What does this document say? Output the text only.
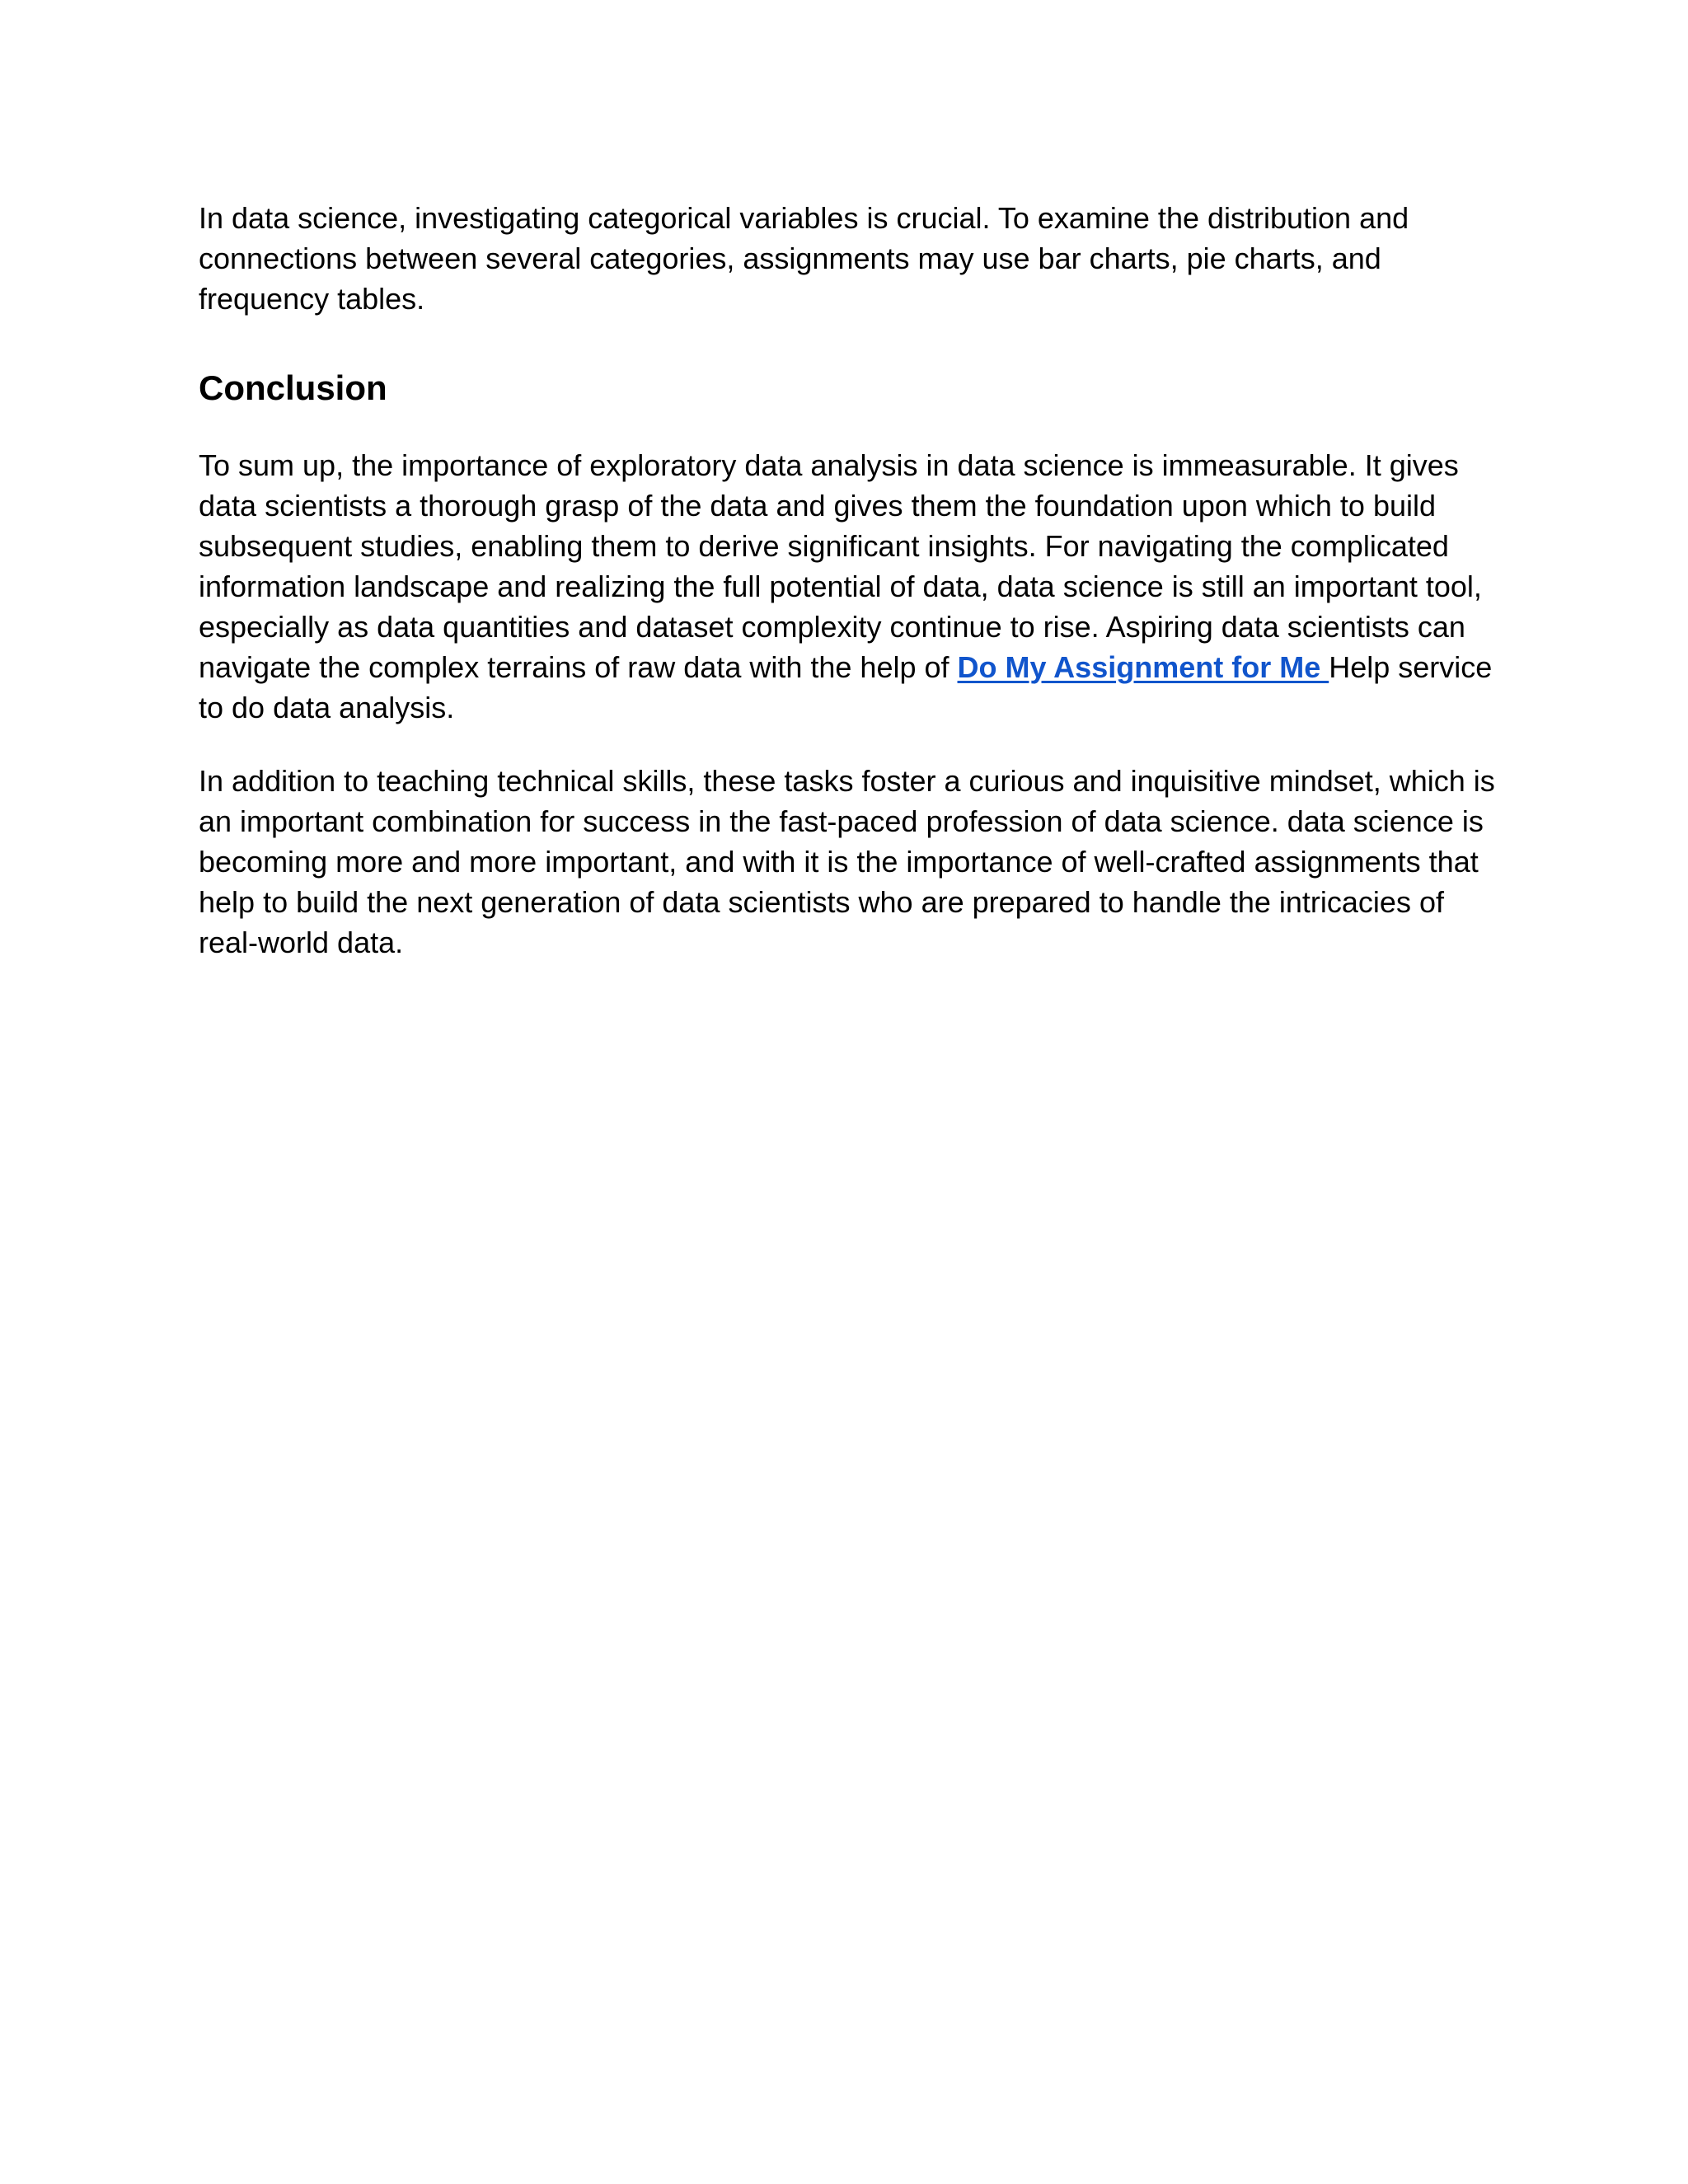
In data science, investigating categorical variables is crucial. To examine the distribution and connections between several categories, assignments may use bar charts, pie charts, and frequency tables.

Conclusion

To sum up, the importance of exploratory data analysis in data science is immeasurable. It gives data scientists a thorough grasp of the data and gives them the foundation upon which to build subsequent studies, enabling them to derive significant insights. For navigating the complicated information landscape and realizing the full potential of data, data science is still an important tool, especially as data quantities and dataset complexity continue to rise. Aspiring data scientists can navigate the complex terrains of raw data with the help of Do My Assignment for Me Help service to do data analysis.

In addition to teaching technical skills, these tasks foster a curious and inquisitive mindset, which is an important combination for success in the fast-paced profession of data science. data science is becoming more and more important, and with it is the importance of well-crafted assignments that help to build the next generation of data scientists who are prepared to handle the intricacies of real-world data.
